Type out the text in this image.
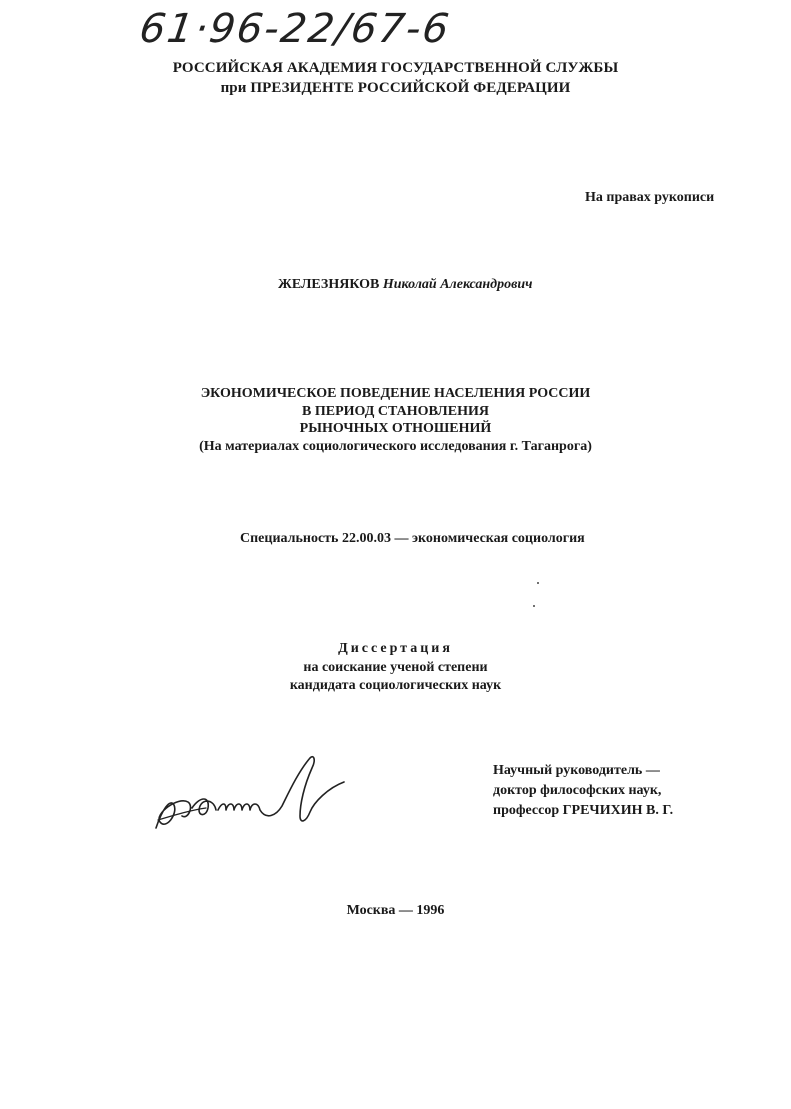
61·96-22/67-6
РОССИЙСКАЯ АКАДЕМИЯ ГОСУДАРСТВЕННОЙ СЛУЖБЫ
при ПРЕЗИДЕНТЕ РОССИЙСКОЙ ФЕДЕРАЦИИ
На правах рукописи
ЖЕЛЕЗНЯКОВ Николай Александрович
ЭКОНОМИЧЕСКОЕ ПОВЕДЕНИЕ НАСЕЛЕНИЯ РОССИИ
В ПЕРИОД СТАНОВЛЕНИЯ
РЫНОЧНЫХ ОТНОШЕНИЙ
(На материалах социологического исследования г. Таганрога)
Специальность 22.00.03 — экономическая социология
Диссертация
на соискание ученой степени
кандидата социологических наук
Научный руководитель —
доктор философских наук,
профессор ГРЕЧИХИН В. Г.
Москва — 1996
